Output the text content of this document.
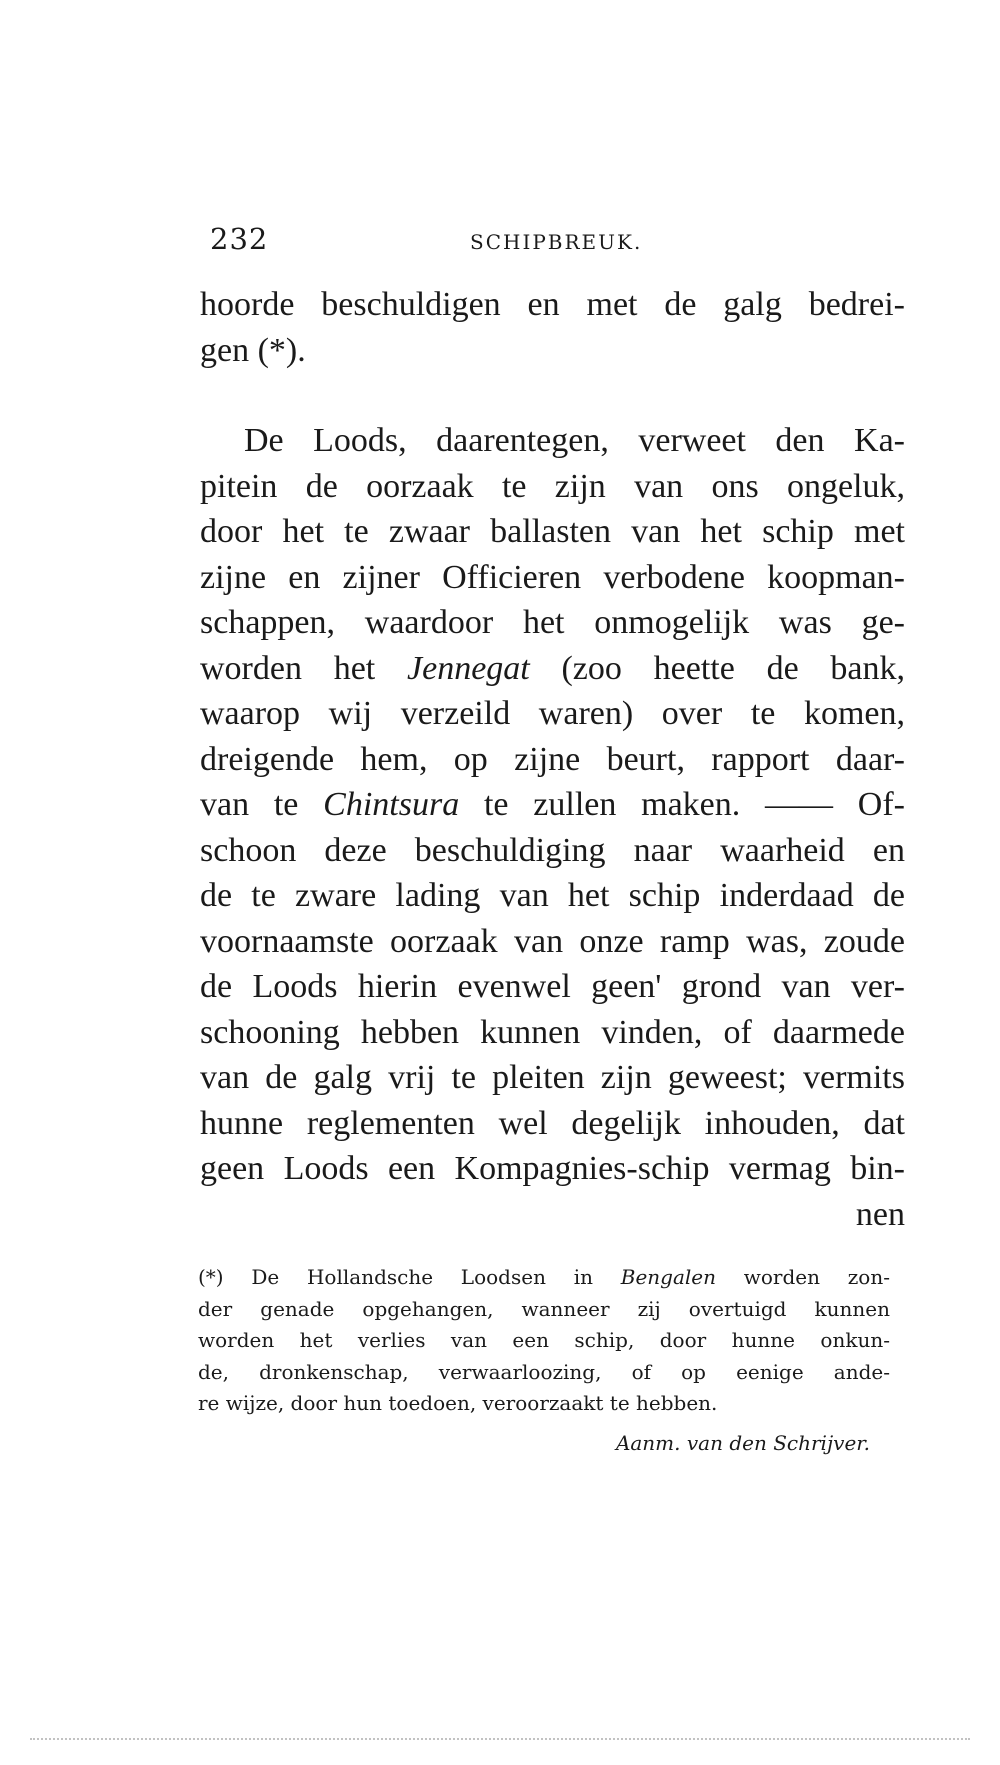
232	SCHIPBREUK.
hoorde beschuldigen en met de galg bedrei-
gen (*).
De Loods, daarentegen, verweet den Ka-
pitein de oorzaak te zijn van ons ongeluk,
door het te zwaar ballasten van het schip met
zijne en zijner Officieren verbodene koopman-
schappen, waardoor het onmogelijk was ge-
worden het Jennegat (zoo heette de bank,
waarop wij verzeild waren) over te komen,
dreigende hem, op zijne beurt, rapport daar-
van te Chintsura te zullen maken. —— Of-
schoon deze beschuldiging naar waarheid en
de te zware lading van het schip inderdaad de
voornaamste oorzaak van onze ramp was, zoude
de Loods hierin evenwel geen' grond van ver-
schooning hebben kunnen vinden, of daarmede
van de galg vrij te pleiten zijn geweest; vermits
hunne reglementen wel degelijk inhouden, dat
geen Loods een Kompagnies-schip vermag bin-
nen
(*) De Hollandsche Loodsen in Bengalen worden zon-
der genade opgehangen, wanneer zij overtuigd kunnen
worden het verlies van een schip, door hunne onkun-
de, dronkenschap, verwaarloozing, of op eenige ande-
re wijze, door hun toedoen, veroorzaakt te hebben.
Aanm. van den Schrijver.
